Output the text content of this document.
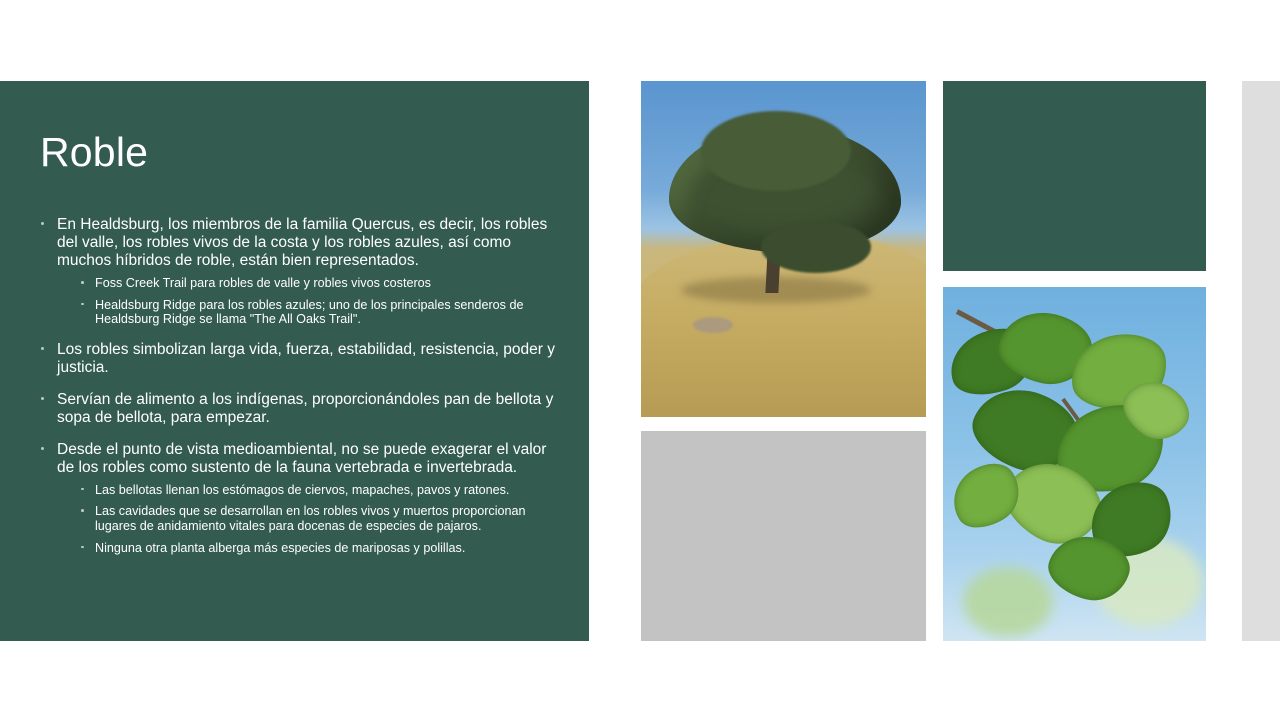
Roble
En Healdsburg, los miembros de la familia Quercus, es decir, los robles del valle, los robles vivos de la costa y los robles azules, así como muchos híbridos de roble, están bien representados.
Foss Creek Trail para robles de valle y robles vivos costeros
Healdsburg Ridge para los robles azules; uno de los principales senderos de Healdsburg Ridge se llama "The All Oaks Trail".
Los robles simbolizan larga vida, fuerza, estabilidad, resistencia, poder y justicia.
Servían de alimento a los indígenas, proporcionándoles pan de bellota y sopa de bellota, para empezar.
Desde el punto de vista medioambiental, no se puede exagerar el valor de los robles como sustento de la fauna vertebrada e invertebrada.
Las bellotas llenan los estómagos de ciervos, mapaches, pavos y ratones.
Las cavidades que se desarrollan en los robles vivos y muertos proporcionan lugares de anidamiento vitales para docenas de especies de pajaros.
Ninguna otra planta alberga más especies de mariposas y polillas.
